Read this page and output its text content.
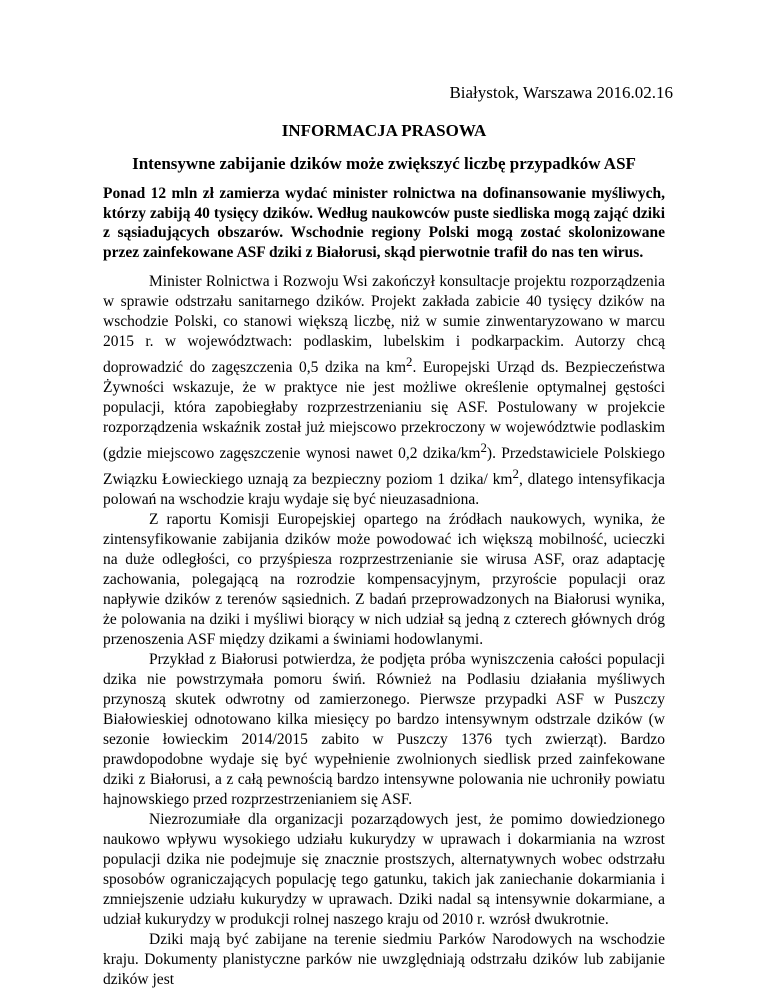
Białystok, Warszawa 2016.02.16
INFORMACJA PRASOWA
Intensywne zabijanie dzików może zwiększyć liczbę przypadków ASF
Ponad 12 mln zł zamierza wydać minister rolnictwa na dofinansowanie myśliwych, którzy zabiją 40 tysięcy dzików. Według naukowców puste siedliska mogą zająć dziki z sąsiadujących obszarów. Wschodnie regiony Polski mogą zostać skolonizowane przez zainfekowane ASF dziki z Białorusi, skąd pierwotnie trafił do nas ten wirus.

Minister Rolnictwa i Rozwoju Wsi zakończył konsultacje projektu rozporządzenia w sprawie odstrzału sanitarnego dzików. Projekt zakłada zabicie 40 tysięcy dzików na wschodzie Polski, co stanowi większą liczbę, niż w sumie zinwentaryzowano w marcu 2015 r. w województwach: podlaskim, lubelskim i podkarpackim. Autorzy chcą doprowadzić do zagęszczenia 0,5 dzika na $km^2$. Europejski Urząd ds. Bezpieczeństwa Żywności wskazuje, że w praktyce nie jest możliwe określenie optymalnej gęstości populacji, która zapobiegłaby rozprzestrzenianiu się ASF. Postulowany w projekcie rozporządzenia wskaźnik został już miejscowo przekroczony w województwie podlaskim (gdzie miejscowo zagęszczenie wynosi nawet 0,2 dzika/$km^2$). Przedstawiciele Polskiego Związku Łowieckiego uznają za bezpieczny poziom 1 dzika/ $km^2$, dlatego intensyfikacja polowań na wschodzie kraju wydaje się być nieuzasadniona.

Z raportu Komisji Europejskiej opartego na źródłach naukowych, wynika, że zintensyfikowanie zabijania dzików może powodować ich większą mobilność, ucieczki na duże odległości, co przyśpiesza rozprzestrzenianie sie wirusa ASF, oraz adaptację zachowania, polegającą na rozrodzie kompensacyjnym, przyroście populacji oraz napływie dzików z terenów sąsiednich. Z badań przeprowadzonych na Białorusi wynika, że polowania na dziki i myśliwi biorący w nich udział są jedną z czterech głównych dróg przenoszenia ASF między dzikami a świniami hodowlanymi.

Przykład z Białorusi potwierdza, że podjęta próba wyniszczenia całości populacji dzika nie powstrzymała pomoru świń. Również na Podlasiu działania myśliwych przynoszą skutek odwrotny od zamierzonego. Pierwsze przypadki ASF w Puszczy Białowieskiej odnotowano kilka miesięcy po bardzo intensywnym odstrzale dzików (w sezonie łowieckim 2014/2015 zabito w Puszczy 1376 tych zwierząt). Bardzo prawdopodobne wydaje się być wypełnienie zwolnionych siedlisk przed zainfekowane dziki z Białorusi, a z całą pewnością bardzo intensywne polowania nie uchroniły powiatu hajnowskiego przed rozprzestrzenianiem się ASF.

Niezrozumiałe dla organizacji pozarządowych jest, że pomimo dowiedzionego naukowo wpływu wysokiego udziału kukurydzy w uprawach i dokarmiania na wzrost populacji dzika nie podejmuje się znacznie prostszych, alternatywnych wobec odstrzału sposobów ograniczających populację tego gatunku, takich jak zaniechanie dokarmiania i zmniejszenie udziału kukurydzy w uprawach. Dziki nadal są intensywnie dokarmiane, a udział kukurydzy w produkcji rolnej naszego kraju od 2010 r. wzrósł dwukrotnie.

Dziki mają być zabijane na terenie siedmiu Parków Narodowych na wschodzie kraju. Dokumenty planistyczne parków nie uwzględniają odstrzału dzików lub zabijanie dzików jest
